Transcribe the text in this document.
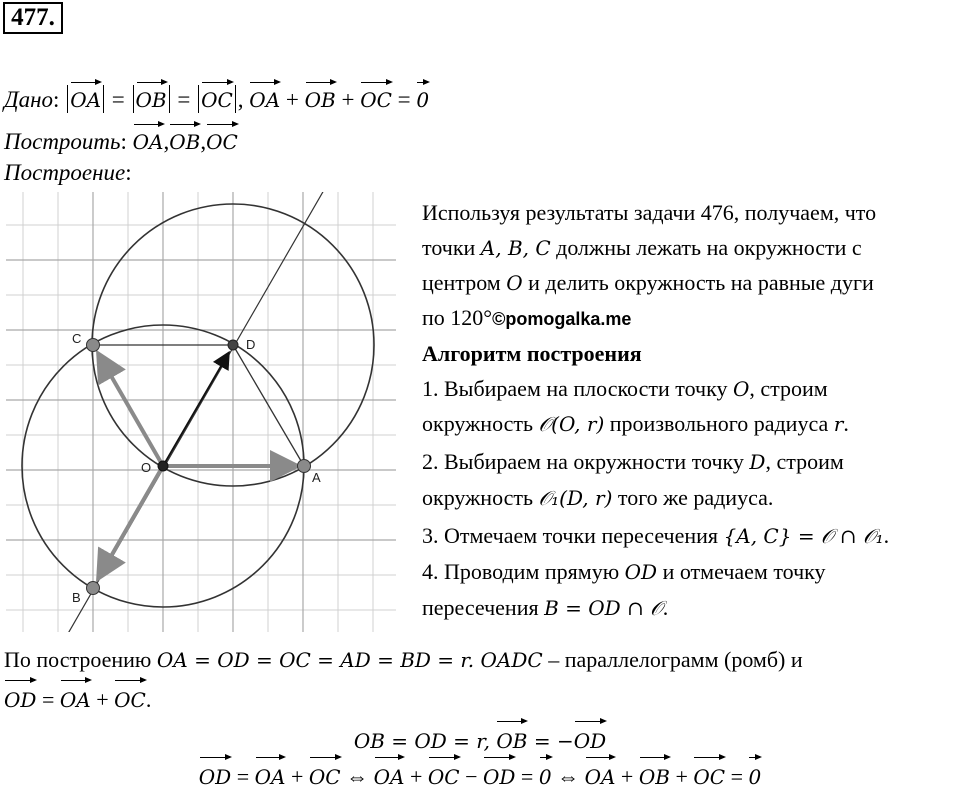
477.
Дано: OA = OB = OC , OA + OB + OC = 0
Построить: OA,OB,OC
Построение:
A
B
C	D
O
Используя результаты задачи 476, получаем, что
точки A, B, C должны лежать на окружности с
центром O и делить окружность на равные дуги
по 120°©pomogalka.me
Алгоритм построения
1. Выбираем на плоскости точку O, строим
окружность 𝒪(O, r) произвольного радиуса r.
2. Выбираем на окружности точку D, строим
окружность 𝒪₁(D, r) того же радиуса.
3. Отмечаем точки пересечения {A, C} = 𝒪 ∩ 𝒪₁.
4. Проводим прямую OD и отмечаем точку
пересечения B = OD ∩ 𝒪.
По построению OA = OD = OC = AD = BD = r. OADC – параллелограмм (ромб) и
OD = OA + OC.
OB = OD = r, OB = −OD
OD = OA + OC ⇔ OA + OC − OD = 0 ⇔ OA + OB + OC = 0
